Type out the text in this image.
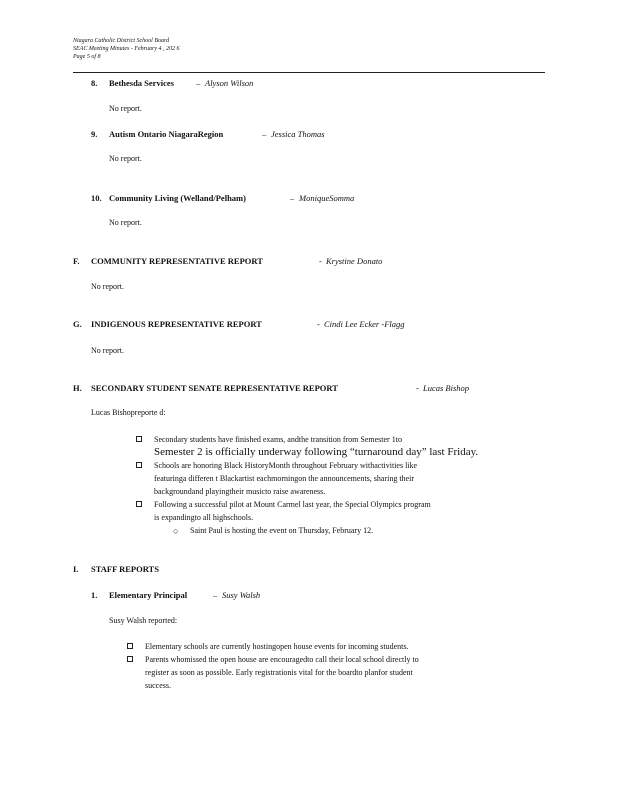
Niagara Catholic District School Board
SEAC Meeting Minutes - February 4 , 202 6
Page 5 of 8
8. Bethesda Services	– Alyson Wilson
No report.
9. Autism Ontario NiagaraRegion	– Jessica Thomas
No report.
10. Community Living (Welland/Pelham)	– MoniqueSomma
No report.
F. COMMUNITY REPRESENTATIVE REPORT	- Krystine Donato
No report.
G. INDIGENOUS REPRESENTATIVE REPORT	- Cindi Lee Ecker -Flagg
No report.
H. SECONDARY STUDENT SENATE REPRESENTATIVE REPORT	- Lucas Bishop
Lucas Bishopreporte d:
Secondary students have finished exams, andthe transition from Semester 1to
Semester 2 is officially underway following “turnaround day” last Friday.
Schools are honoring Black HistoryMonth throughout February withactivities like
featuringa differen t Blackartist eachmorningon the announcements, sharing their
backgroundand playingtheir musicto raise awareness.
Following a successful pilot at Mount Carmel last year, the Special Olympics program
is expandingto all highschools.
○ Saint Paul is hosting the event on Thursday, February 12.
I. STAFF REPORTS
1. Elementary Principal	– Susy Walsh
Susy Walsh reported:
Elementary schools are currently hostingopen house events for incoming students.
Parents whomissed the open house are encouragedto call their local school directly to
register as soon as possible. Early registrationis vital for the boardto planfor student
success.
